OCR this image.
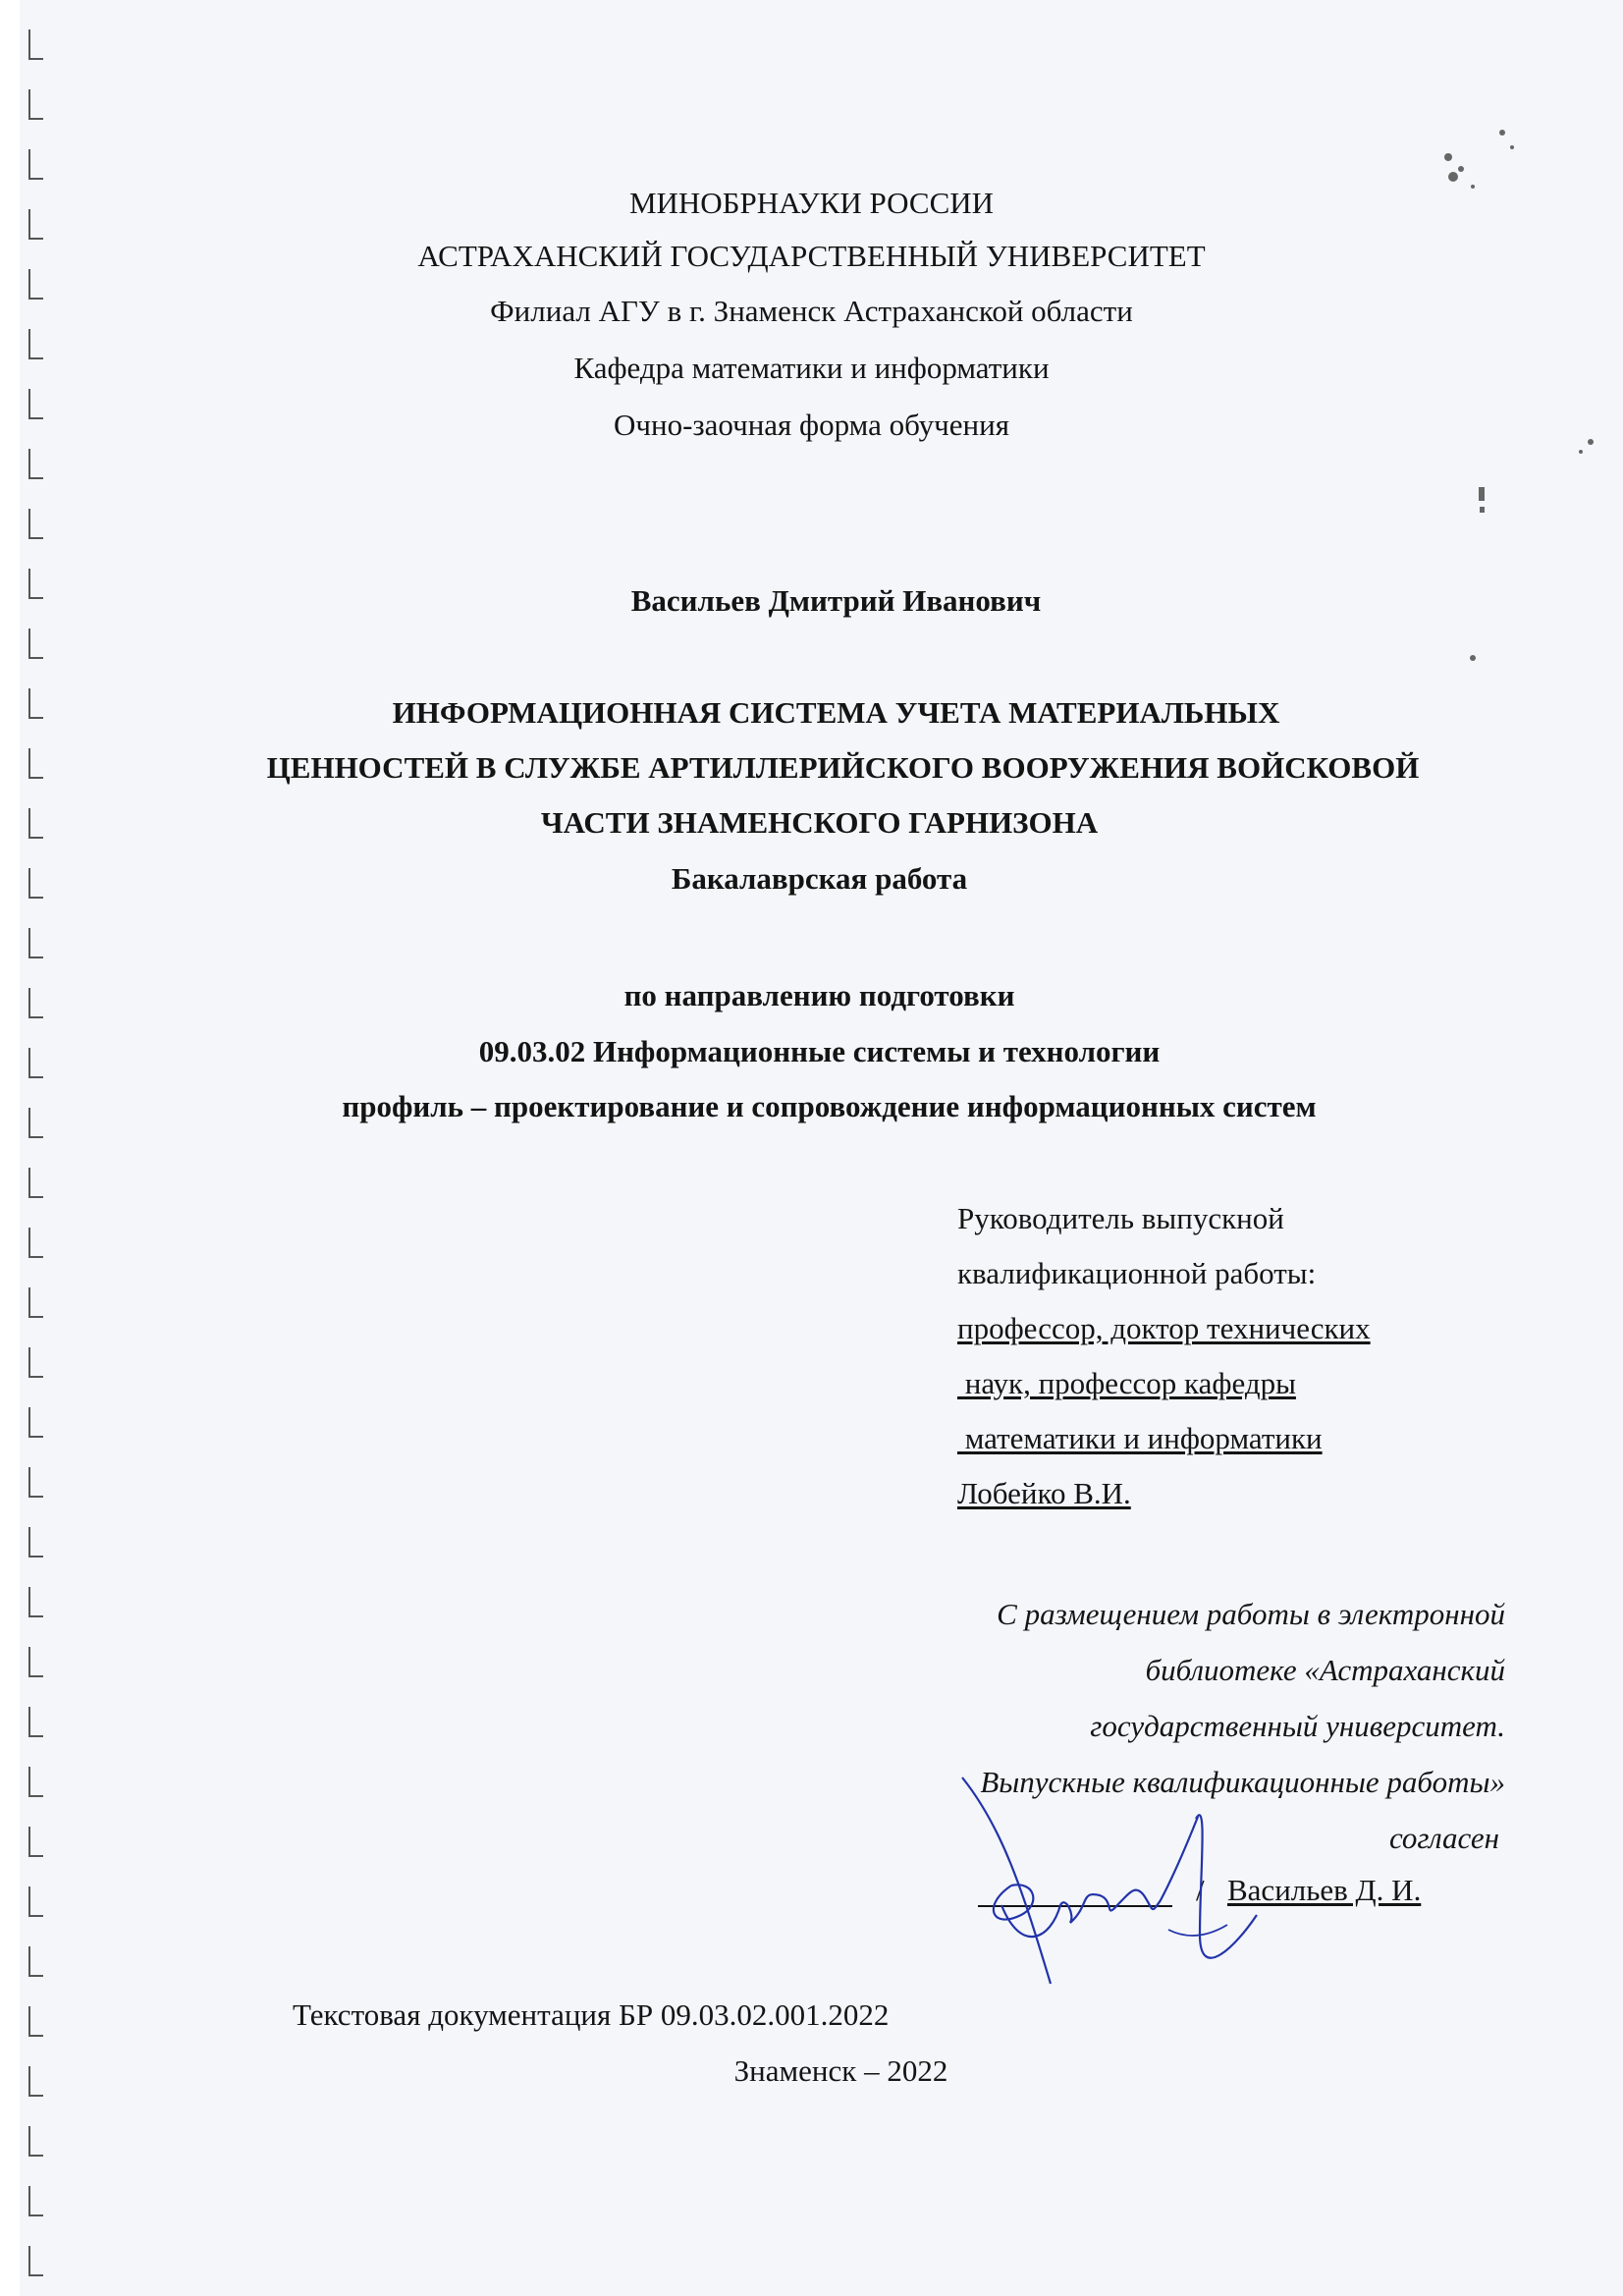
МИНОБРНАУКИ РОССИИ

АСТРАХАНСКИЙ ГОСУДАРСТВЕННЫЙ УНИВЕРСИТЕТ

Филиал АГУ в г. Знаменск Астраханской области

Кафедра математики и информатики

Очно-заочная форма обучения

Васильев Дмитрий Иванович

ИНФОРМАЦИОННАЯ СИСТЕМА УЧЕТА МАТЕРИАЛЬНЫХ

ЦЕННОСТЕЙ В СЛУЖБЕ АРТИЛЛЕРИЙСКОГО ВООРУЖЕНИЯ ВОЙСКОВОЙ

ЧАСТИ ЗНАМЕНСКОГО ГАРНИЗОНА

Бакалаврская работа

по направлению подготовки

09.03.02 Информационные системы и технологии

профиль – проектирование и сопровождение информационных систем

Руководитель выпускной
квалификационной работы:
профессор, доктор технических
наук, профессор кафедры
математики и информатики
Лобейко В.И.
С размещением работы в электронной
библиотеке «Астраханский
государственный университет.
Выпускные квалификационные работы»
согласен
/ Васильев Д. И.
Текстовая документация БР 09.03.02.001.2022

Знаменск – 2022
